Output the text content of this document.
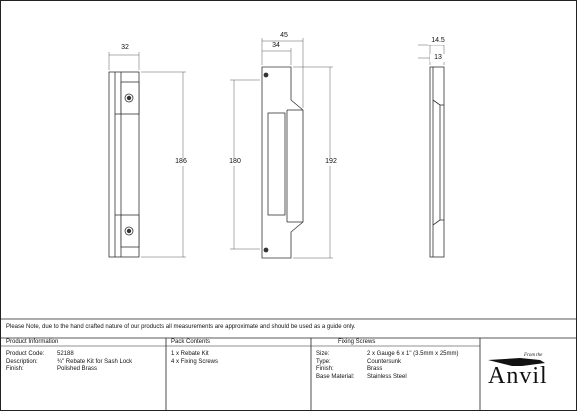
32
186	180
45
34
192
14.5
13
Please Note, due to the hand crafted nature of our products all measurements are approximate and should be used as a guide only.
Product Information
Product Code: 52188
Description:	¾" Rebate Kit for Sash Lock
Finish:	Polished Brass
Pack Contents
1 x Rebate Kit
4 x Fixing Screws
Fixing Screws
Size:	2 x Gauge 6 x 1" (3.5mm x 25mm)
Type:	Countersunk
Finish:	Brass
Base Material: Stainless Steel
From the
Anvil
